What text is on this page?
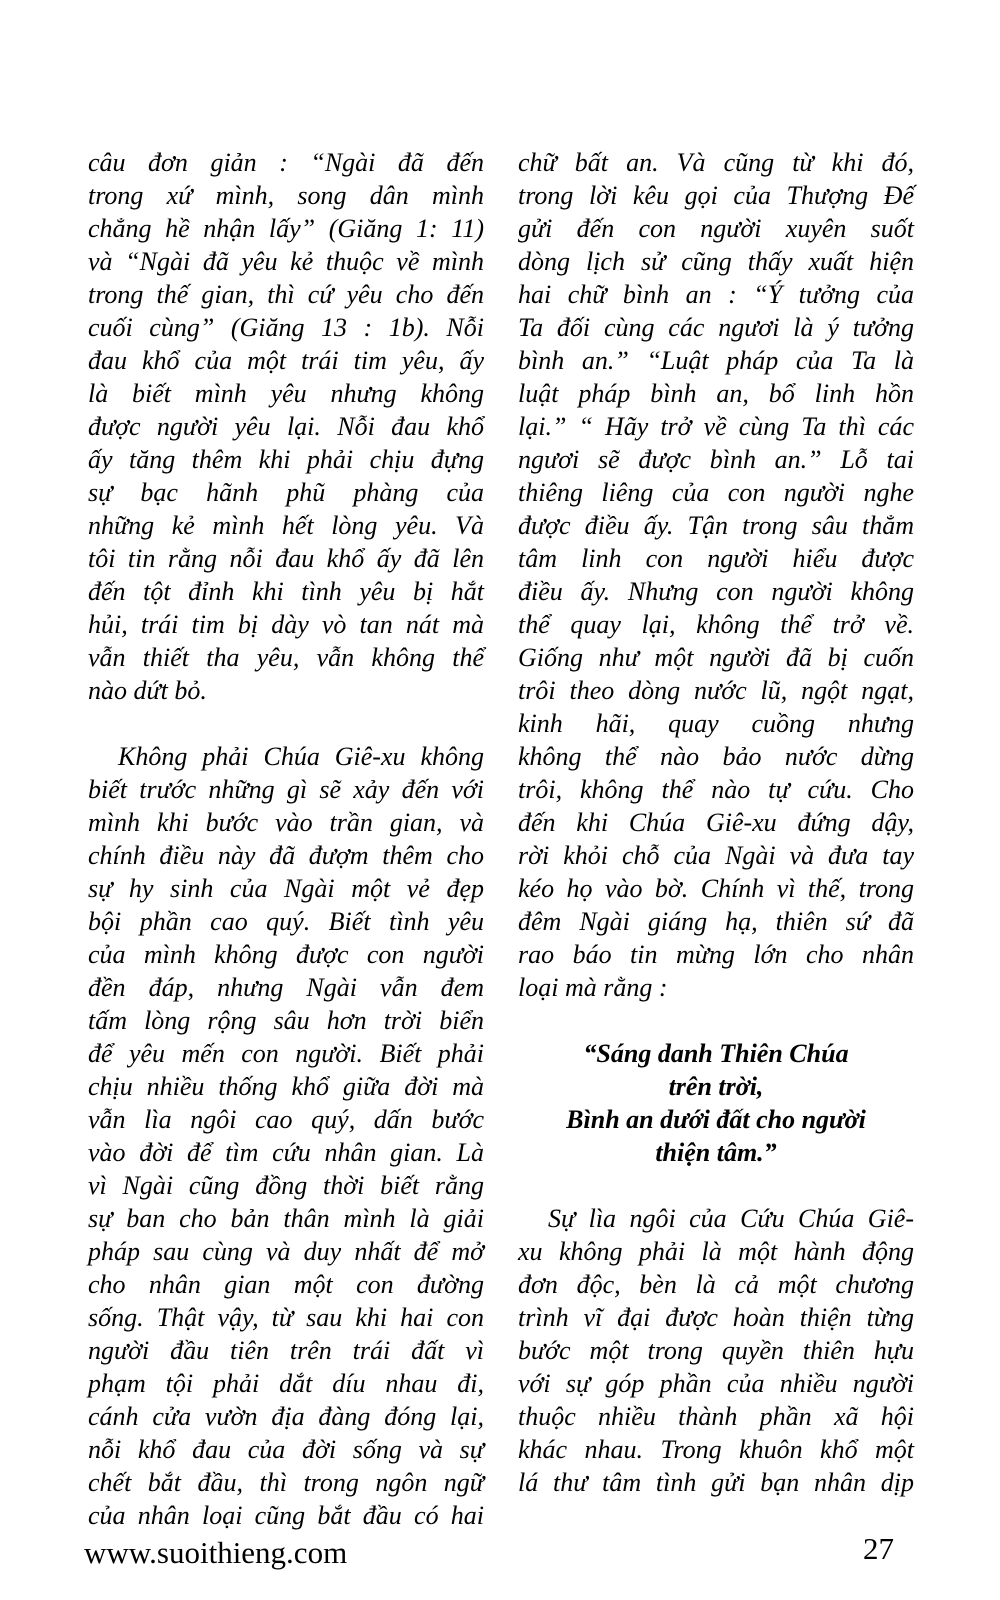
câu đơn giản : “Ngài đã đến
trong xứ mình, song dân mình
chẳng hề nhận lấy” (Giăng 1: 11)
và “Ngài đã yêu kẻ thuộc về mình
trong thế gian, thì cứ yêu cho đến
cuối cùng” (Giăng 13 : 1b). Nỗi
đau khổ của một trái tim yêu, ấy
là biết mình yêu nhưng không
được người yêu lại. Nỗi đau khổ
ấy tăng thêm khi phải chịu đựng
sự bạc hãnh phũ phàng của
những kẻ mình hết lòng yêu. Và
tôi tin rằng nỗi đau khổ ấy đã lên
đến tột đỉnh khi tình yêu bị hắt
hủi, trái tim bị dày vò tan nát mà
vẫn thiết tha yêu, vẫn không thể
nào dứt bỏ.
Không phải Chúa Giê-xu không
biết trước những gì sẽ xảy đến với
mình khi bước vào trần gian, và
chính điều này đã đượm thêm cho
sự hy sinh của Ngài một vẻ đẹp
bội phần cao quý. Biết tình yêu
của mình không được con người
đền đáp, nhưng Ngài vẫn đem
tấm lòng rộng sâu hơn trời biển
để yêu mến con người. Biết phải
chịu nhiều thống khổ giữa đời mà
vẫn lìa ngôi cao quý, dấn bước
vào đời để tìm cứu nhân gian. Là
vì Ngài cũng đồng thời biết rằng
sự ban cho bản thân mình là giải
pháp sau cùng và duy nhất để mở
cho nhân gian một con đường
sống. Thật vậy, từ sau khi hai con
người đầu tiên trên trái đất vì
phạm tội phải dắt díu nhau đi,
cánh cửa vườn địa đàng đóng lại,
nỗi khổ đau của đời sống và sự
chết bắt đầu, thì trong ngôn ngữ
của nhân loại cũng bắt đầu có hai
chữ bất an. Và cũng từ khi đó,
trong lời kêu gọi của Thượng Đế
gửi đến con người xuyên suốt
dòng lịch sử cũng thấy xuất hiện
hai chữ bình an : “Ý tưởng của
Ta đối cùng các ngươi là ý tưởng
bình an.” “Luật pháp của Ta là
luật pháp bình an, bổ linh hồn
lại.” “ Hãy trở về cùng Ta thì các
ngươi sẽ được bình an.” Lỗ tai
thiêng liêng của con người nghe
được điều ấy. Tận trong sâu thẳm
tâm linh con người hiểu được
điều ấy. Nhưng con người không
thể quay lại, không thể trở về.
Giống như một người đã bị cuốn
trôi theo dòng nước lũ, ngột ngạt,
kinh hãi, quay cuồng nhưng
không thể nào bảo nước dừng
trôi, không thể nào tự cứu. Cho
đến khi Chúa Giê-xu đứng dậy,
rời khỏi chỗ của Ngài và đưa tay
kéo họ vào bờ. Chính vì thế, trong
đêm Ngài giáng hạ, thiên sứ đã
rao báo tin mừng lớn cho nhân
loại mà rằng :
“Sáng danh Thiên Chúa
trên trời,
Bình an dưới đất cho người
thiện tâm.”
Sự lìa ngôi của Cứu Chúa Giê-
xu không phải là một hành động
đơn độc, bèn là cả một chương
trình vĩ đại được hoàn thiện từng
bước một trong quyền thiên hựu
với sự góp phần của nhiều người
thuộc nhiều thành phần xã hội
khác nhau. Trong khuôn khổ một
lá thư tâm tình gửi bạn nhân dịp
www.suoithieng.com	27
